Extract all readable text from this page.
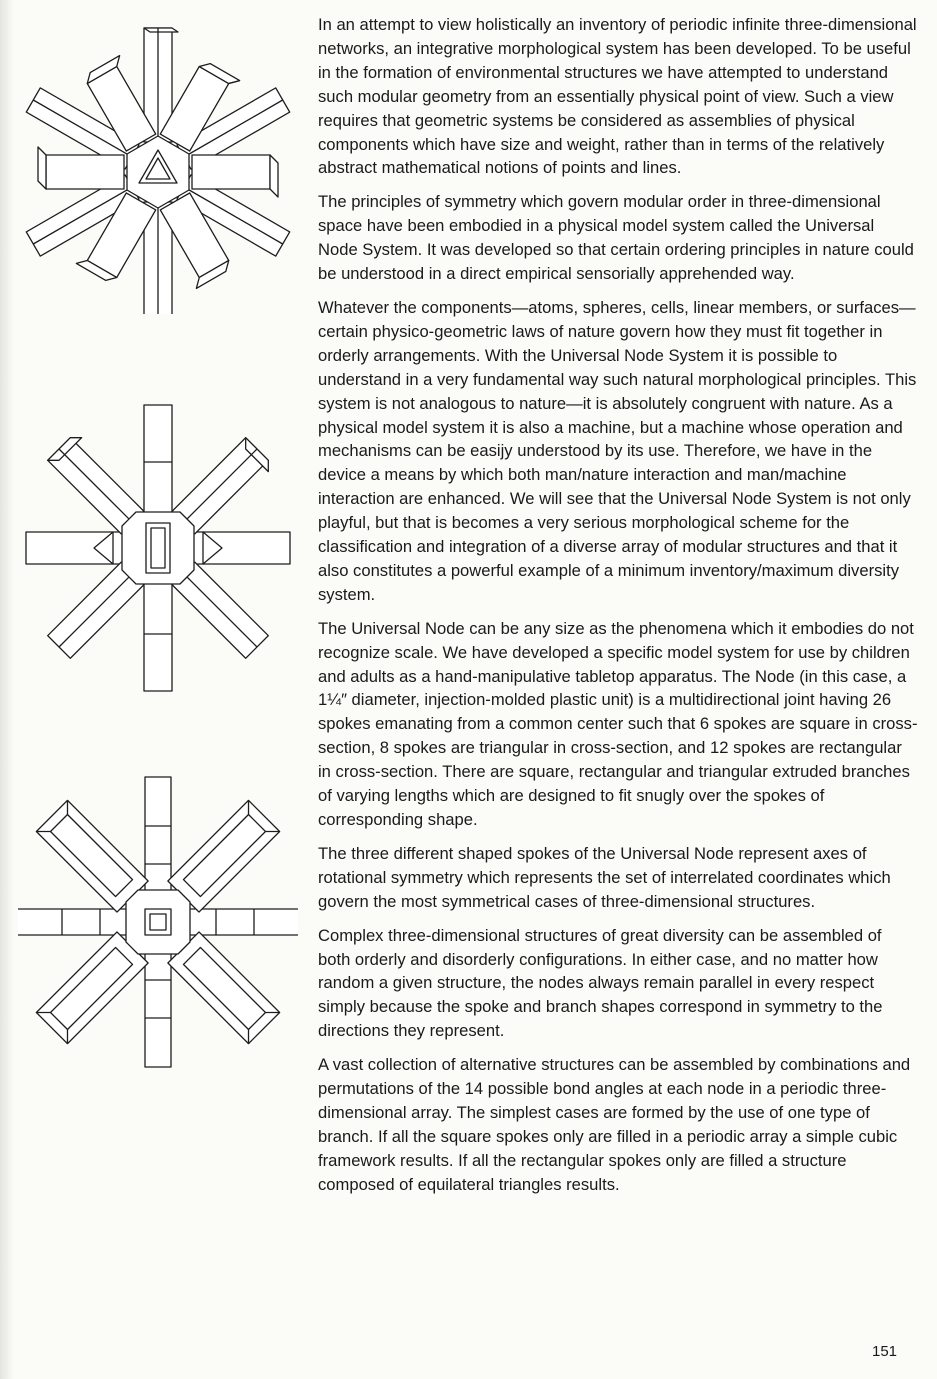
In an attempt to view holistically an inventory of periodic infinite three-dimensional networks, an integrative morphological system has been developed. To be useful in the formation of environmental structures we have attempted to understand such modular geometry from an essentially physical point of view. Such a view requires that geometric systems be considered as assemblies of physical components which have size and weight, rather than in terms of the relatively abstract mathematical notions of points and lines.

The principles of symmetry which govern modular order in three-dimensional space have been embodied in a physical model system called the Universal Node System. It was developed so that certain ordering principles in nature could be understood in a direct empirical sensorially apprehended way.

Whatever the components—atoms, spheres, cells, linear members, or surfaces—certain physico-geometric laws of nature govern how they must fit together in orderly arrangements. With the Universal Node System it is possible to understand in a very fundamental way such natural morphological principles. This system is not analogous to nature—it is absolutely congruent with nature. As a physical model system it is also a machine, but a machine whose operation and mechanisms can be easijy understood by its use. Therefore, we have in the device a means by which both man/nature interaction and man/machine interaction are enhanced. We will see that the Universal Node System is not only playful, but that is becomes a very serious morphological scheme for the classification and integration of a diverse array of modular structures and that it also constitutes a powerful example of a minimum inventory/maximum diversity system.

The Universal Node can be any size as the phenomena which it embodies do not recognize scale. We have developed a specific model system for use by children and adults as a hand-manipulative tabletop apparatus. The Node (in this case, a 1¼″ diameter, injection-molded plastic unit) is a multidirectional joint having 26 spokes emanating from a common center such that 6 spokes are square in cross-section, 8 spokes are triangular in cross-section, and 12 spokes are rectangular in cross-section. There are square, rectangular and triangular extruded branches of varying lengths which are designed to fit snugly over the spokes of corresponding shape.

The three different shaped spokes of the Universal Node represent axes of rotational symmetry which represents the set of interrelated coordinates which govern the most symmetrical cases of three-dimensional structures.

Complex three-dimensional structures of great diversity can be assembled of both orderly and disorderly configurations. In either case, and no matter how random a given structure, the nodes always remain parallel in every respect simply because the spoke and branch shapes correspond in symmetry to the directions they represent.

A vast collection of alternative structures can be assembled by combinations and permutations of the 14 possible bond angles at each node in a periodic three-dimensional array. The simplest cases are formed by the use of one type of branch. If all the square spokes only are filled in a periodic array a simple cubic framework results. If all the rectangular spokes only are filled a structure composed of equilateral triangles results.

151
